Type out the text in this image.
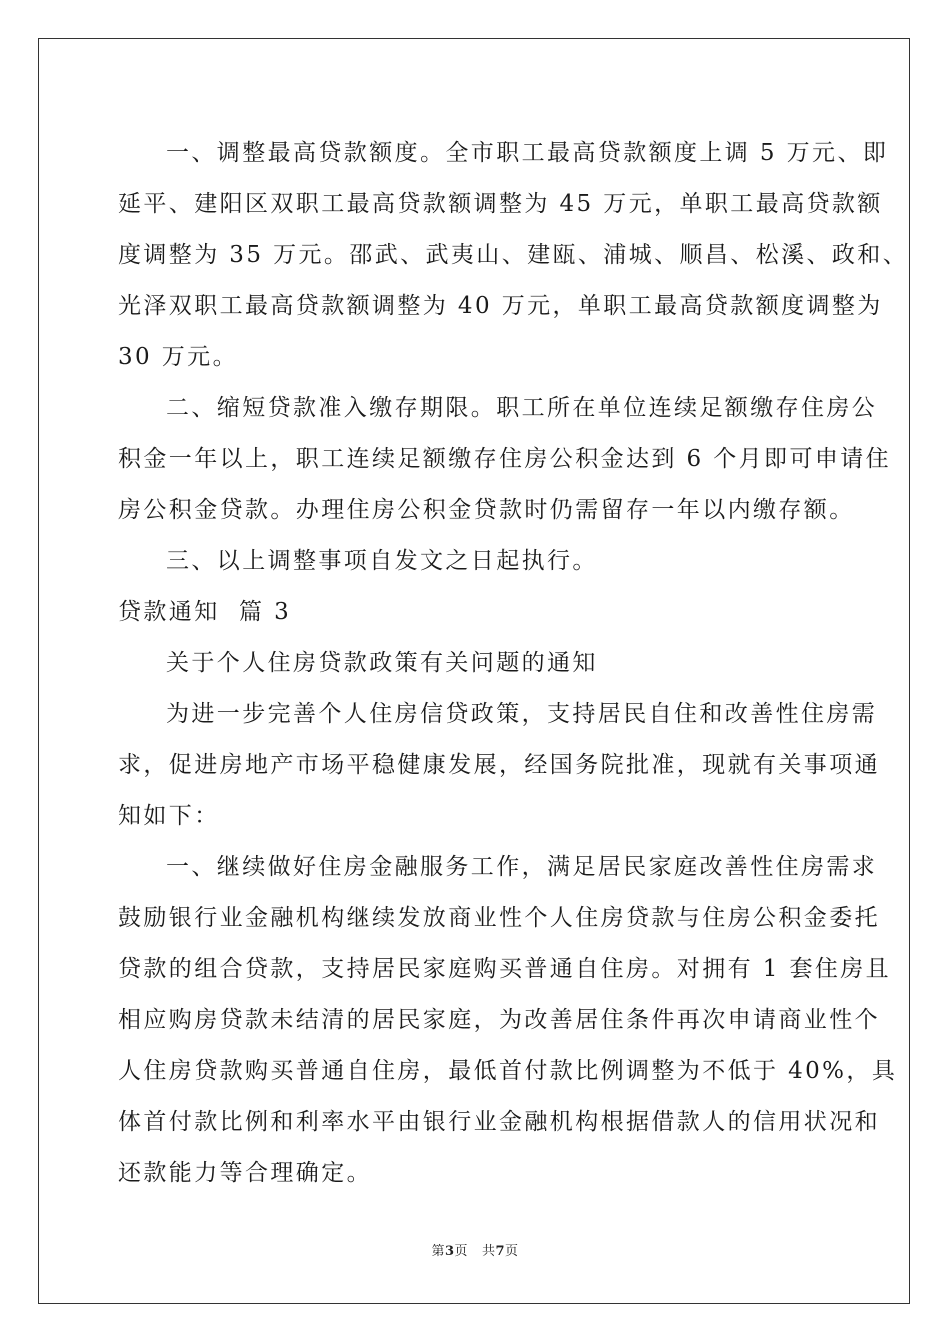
一、调整最高贷款额度。全市职工最高贷款额度上调 5 万元、即
延平、建阳区双职工最高贷款额调整为 45 万元，单职工最高贷款额
度调整为 35 万元。邵武、武夷山、建瓯、浦城、顺昌、松溪、政和、
光泽双职工最高贷款额调整为 40 万元，单职工最高贷款额度调整为
30 万元。

二、缩短贷款准入缴存期限。职工所在单位连续足额缴存住房公
积金一年以上，职工连续足额缴存住房公积金达到 6 个月即可申请住
房公积金贷款。办理住房公积金贷款时仍需留存一年以内缴存额。

三、以上调整事项自发文之日起执行。

贷款通知  篇 3

关于个人住房贷款政策有关问题的通知

为进一步完善个人住房信贷政策，支持居民自住和改善性住房需
求，促进房地产市场平稳健康发展，经国务院批准，现就有关事项通
知如下：

一、继续做好住房金融服务工作，满足居民家庭改善性住房需求
鼓励银行业金融机构继续发放商业性个人住房贷款与住房公积金委托
贷款的组合贷款，支持居民家庭购买普通自住房。对拥有 1 套住房且
相应购房贷款未结清的居民家庭，为改善居住条件再次申请商业性个
人住房贷款购买普通自住房，最低首付款比例调整为不低于 40%，具
体首付款比例和利率水平由银行业金融机构根据借款人的信用状况和
还款能力等合理确定。

第3页 共7页
